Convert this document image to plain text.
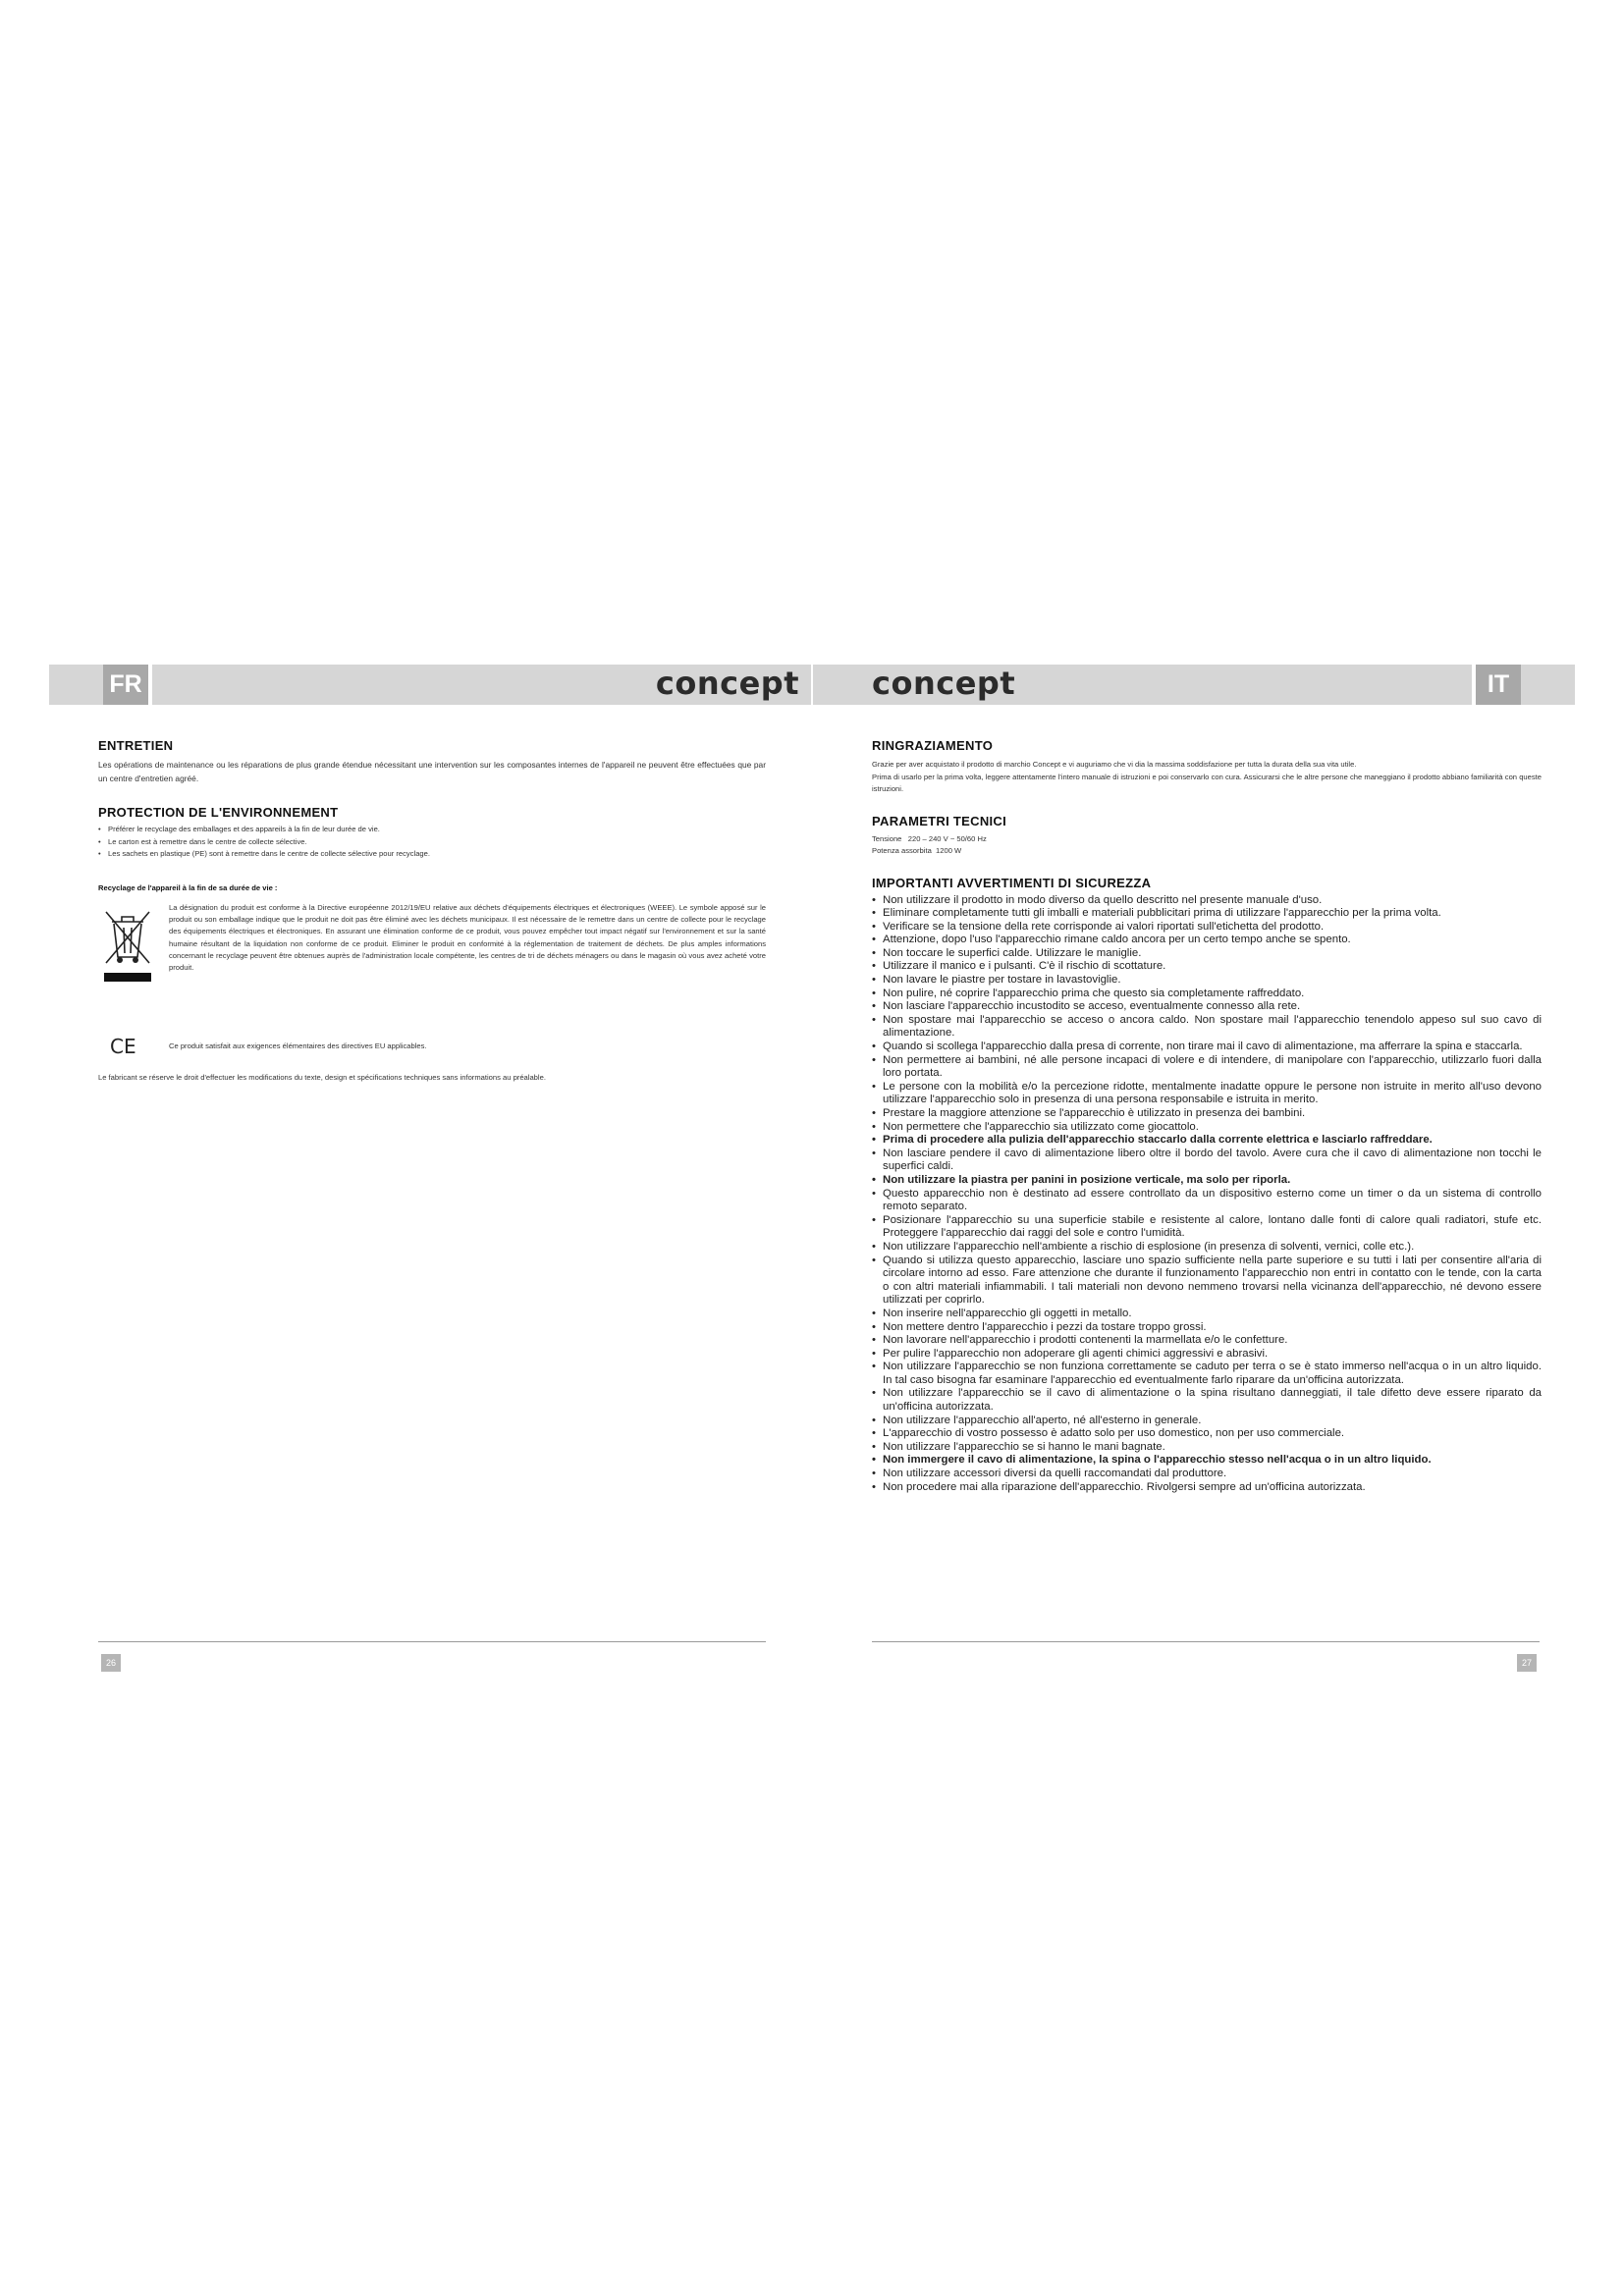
FR	concept concept	IT
ENTRETIEN
Les opérations de maintenance ou les réparations de plus grande étendue nécessitant une intervention sur les composantes internes de l'appareil ne peuvent être effectuées que par un centre d'entretien agréé.
PROTECTION DE L'ENVIRONNEMENT
• Préférer le recyclage des emballages et des appareils à la fin de leur durée de vie.
• Le carton est à remettre dans le centre de collecte sélective.
• Les sachets en plastique (PE) sont à remettre dans le centre de collecte sélective pour recyclage.
Recyclage de l'appareil à la fin de sa durée de vie :
La désignation du produit est conforme à la Directive européenne 2012/19/EU relative aux déchets d'équipements électriques et électroniques (WEEE). Le symbole apposé sur le produit ou son emballage indique que le produit ne doit pas être éliminé avec les déchets municipaux. Il est nécessaire de le remettre dans un centre de collecte pour le recyclage des équipements électriques et électroniques. En assurant une élimination conforme de ce produit, vous pouvez empêcher tout impact négatif sur l'environnement et sur la santé humaine résultant de la liquidation non conforme de ce produit. Eliminer le produit en conformité à la réglementation de traitement de déchets. De plus amples informations concernant le recyclage peuvent être obtenues auprès de l'administration locale compétente, les centres de tri de déchets ménagers ou dans le magasin où vous avez acheté votre produit.
CE	Ce produit satisfait aux exigences élémentaires des directives EU applicables.
Le fabricant se réserve le droit d'effectuer les modifications du texte, design et spécifications techniques sans informations au préalable.
RINGRAZIAMENTO
Grazie per aver acquistato il prodotto di marchio Concept e vi auguriamo che vi dia la massima soddisfazione per tutta la durata della sua vita utile.
Prima di usarlo per la prima volta, leggere attentamente l'intero manuale di istruzioni e poi conservarlo con cura. Assicurarsi che le altre persone che maneggiano il prodotto abbiano familiarità con queste istruzioni.
PARAMETRI TECNICI
Tensione 220 – 240 V ~ 50/60 Hz
Potenza assorbita 1200 W
IMPORTANTI AVVERTIMENTI DI SICUREZZA
• Non utilizzare il prodotto in modo diverso da quello descritto nel presente manuale d'uso.
• Eliminare completamente tutti gli imballi e materiali pubblicitari prima di utilizzare l'apparecchio per la prima volta.
• Verificare se la tensione della rete corrisponde ai valori riportati sull'etichetta del prodotto.
• Attenzione, dopo l'uso l'apparecchio rimane caldo ancora per un certo tempo anche se spento.
• Non toccare le superfici calde. Utilizzare le maniglie.
• Utilizzare il manico e i pulsanti. C'è il rischio di scottature.
• Non lavare le piastre per tostare in lavastoviglie.
• Non pulire, né coprire l'apparecchio prima che questo sia completamente raffreddato.
• Non lasciare l'apparecchio incustodito se acceso, eventualmente connesso alla rete.
• Non spostare mai l'apparecchio se acceso o ancora caldo. Non spostare mail l'apparecchio tenendolo appeso sul suo cavo di alimentazione.
• Quando si scollega l'apparecchio dalla presa di corrente, non tirare mai il cavo di alimentazione, ma afferrare la spina e staccarla.
• Non permettere ai bambini, né alle persone incapaci di volere e di intendere, di manipolare con l'apparecchio, utilizzarlo fuori dalla loro portata.
• Le persone con la mobilità e/o la percezione ridotte, mentalmente inadatte oppure le persone non istruite in merito all'uso devono utilizzare l'apparecchio solo in presenza di una persona responsabile e istruita in merito.
• Prestare la maggiore attenzione se l'apparecchio è utilizzato in presenza dei bambini.
• Non permettere che l'apparecchio sia utilizzato come giocattolo.
• Prima di procedere alla pulizia dell'apparecchio staccarlo dalla corrente elettrica e lasciarlo raffreddare.
• Non lasciare pendere il cavo di alimentazione libero oltre il bordo del tavolo. Avere cura che il cavo di alimentazione non tocchi le superfici caldi.
• Non utilizzare la piastra per panini in posizione verticale, ma solo per riporla.
• Questo apparecchio non è destinato ad essere controllato da un dispositivo esterno come un timer o da un sistema di controllo remoto separato.
• Posizionare l'apparecchio su una superficie stabile e resistente al calore, lontano dalle fonti di calore quali radiatori, stufe etc. Proteggere l'apparecchio dai raggi del sole e contro l'umidità.
• Non utilizzare l'apparecchio nell'ambiente a rischio di esplosione (in presenza di solventi, vernici, colle etc.).
• Quando si utilizza questo apparecchio, lasciare uno spazio sufficiente nella parte superiore e su tutti i lati per consentire all'aria di circolare intorno ad esso. Fare attenzione che durante il funzionamento l'apparecchio non entri in contatto con le tende, con la carta o con altri materiali infiammabili. I tali materiali non devono nemmeno trovarsi nella vicinanza dell'apparecchio, né devono essere utilizzati per coprirlo.
• Non inserire nell'apparecchio gli oggetti in metallo.
• Non mettere dentro l'apparecchio i pezzi da tostare troppo grossi.
• Non lavorare nell'apparecchio i prodotti contenenti la marmellata e/o le confetture.
• Per pulire l'apparecchio non adoperare gli agenti chimici aggressivi e abrasivi.
• Non utilizzare l'apparecchio se non funziona correttamente se caduto per terra o se è stato immerso nell'acqua o in un altro liquido. In tal caso bisogna far esaminare l'apparecchio ed eventualmente farlo riparare da un'officina autorizzata.
• Non utilizzare l'apparecchio se il cavo di alimentazione o la spina risultano danneggiati, il tale difetto deve essere riparato da un'officina autorizzata.
• Non utilizzare l'apparecchio all'aperto, né all'esterno in generale.
• L'apparecchio di vostro possesso è adatto solo per uso domestico, non per uso commerciale.
• Non utilizzare l'apparecchio se si hanno le mani bagnate.
• Non immergere il cavo di alimentazione, la spina o l'apparecchio stesso nell'acqua o in un altro liquido.
• Non utilizzare accessori diversi da quelli raccomandati dal produttore.
• Non procedere mai alla riparazione dell'apparecchio. Rivolgersi sempre ad un'officina autorizzata.
26	27
